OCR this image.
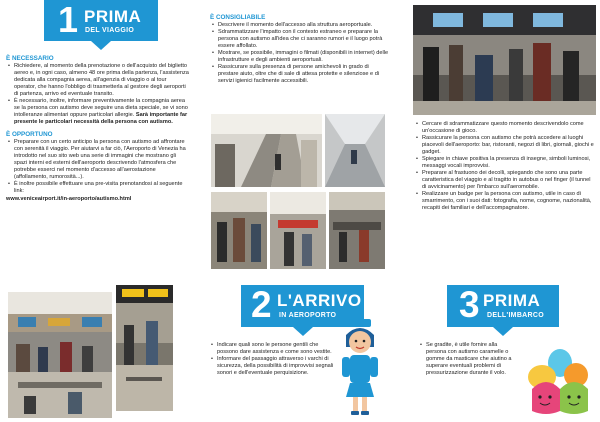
1 PRIMA
DEL VIAGGIO
È NECESSARIO
• Richiedere, al momento della prenotazione o dell'acquisto del biglietto aereo e, in ogni caso, almeno 48 ore prima della partenza, l'assistenza dedicata alla compagnia aerea, all'agenzia di viaggio o al tour operator, che hanno l'obbligo di trasmetterla al gestore degli aeroporti di partenza, arrivo ed eventuale transito.
• È necessario, inoltre, informare preventivamente la compagnia aerea se la persona con autismo deve seguire una dieta speciale, se vi sono intolleranze alimentari oppure particolari allergie. Sarà importante far presente le particolari necessità della persona con autismo.
È OPPORTUNO
• Preparare con un certo anticipo la persona con autismo ad affrontare con serenità il viaggio. Per aiutarvi a far ciò, l'Aeroporto di Venezia ha introdotto nel suo sito web una serie di immagini che mostrano gli spazi interni ed esterni dell'aeroporto descrivendo l'atmosfera che potrebbe esserci nel momento d'accesso all'aerostazione (affollamento, rumorosità...).
• È inoltre possibile effettuare una pre-visita prenotandosi al seguente link:
www.veniceairport.it/in-aeroporto/autismo.html
È CONSIGLIABILE
• Descrivere il momento dell'accesso alla struttura aeroportuale.
• Sdrammatizzare l'impatto con il contesto estraneo e preparare la persona con autismo all'idea che ci saranno rumori e il luogo potrà essere affollato.
• Mostrare, se possibile, immagini o filmati (disponibili in internet) delle infrastrutture e degli ambienti aeroportuali.
• Rassicurare sulla presenza di persone amichevoli in grado di prestare aiuto, oltre che di sale di attesa protette e silenziose e di servizi igienici facilmente accessibili.
2 L'ARRIVO
IN AEROPORTO
• Indicare quali sono le persone gentili che possono dare assistenza e come sono vestite.
• Informare del passaggio attraverso i varchi di sicurezza, della possibilità di improvvisi segnali sonori e dell'eventuale perquisizione.
• Cercare di sdrammatizzare questo momento descrivendolo come un'occasione di gioco.
• Rassicurare la persona con autismo che potrà accedere ai luoghi piacevoli dell'aeroporto: bar, ristoranti, negozi di libri, giornali, giochi e gadget.
• Spiegare in chiave positiva la presenza di insegne, simboli luminosi, messaggi vocali improvvisi.
• Preparare al frastuono dei decolli, spiegando che sono una parte caratteristica del viaggio e al tragitto in autobus o nel finger (il tunnel di avvicinamento) per l'imbarco sull'aeromobile.
• Realizzare un badge per la persona con autismo, utile in caso di smarrimento, con i suoi dati: fotografia, nome, cognome, nazionalità, recapiti dei familiari e dell'accompagnatore.
3 PRIMA
DELL'IMBARCO
• Se gradite, è utile fornire alla persona con autismo caramelle o gomme da masticare che aiutino a superare eventuali problemi di pressurizzazione durante il volo.
